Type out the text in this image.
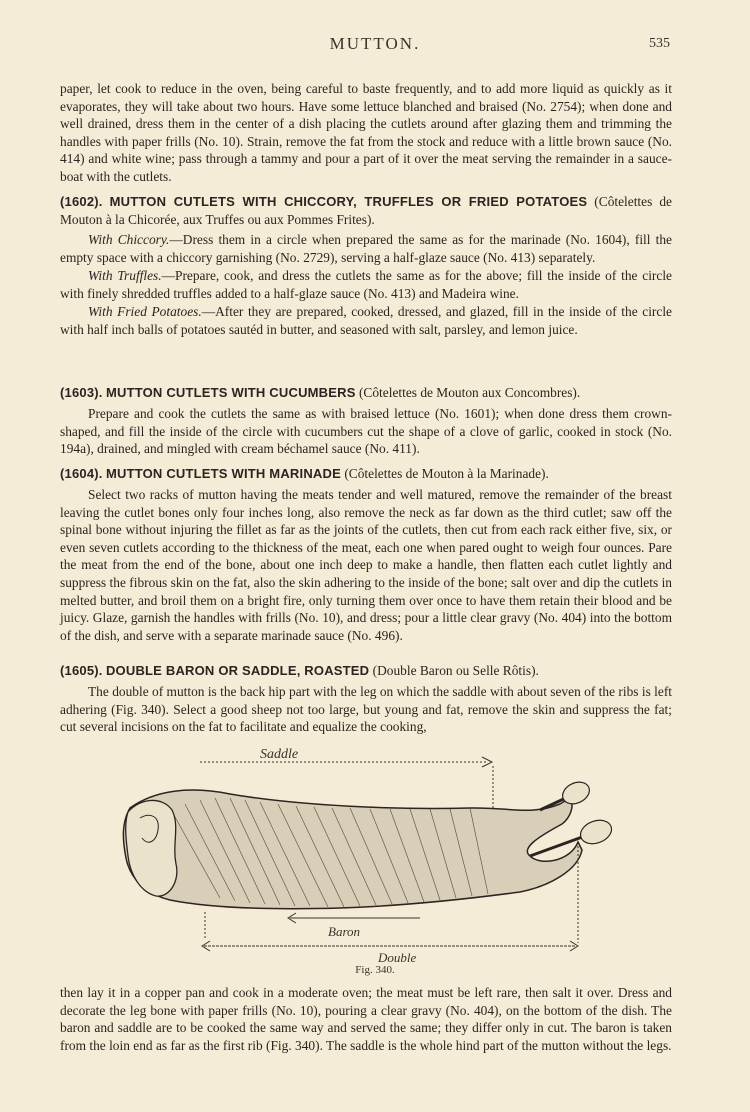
MUTTON.	535

paper, let cook to reduce in the oven, being careful to baste frequently, and to add more liquid as quickly as it evaporates, they will take about two hours. Have some lettuce blanched and braised (No. 2754); when done and well drained, dress them in the center of a dish placing the cutlets around after glazing them and trimming the handles with paper frills (No. 10). Strain, remove the fat from the stock and reduce with a little brown sauce (No. 414) and white wine; pass through a tammy and pour a part of it over the meat serving the remainder in a sauce-boat with the cutlets.

(1602). MUTTON CUTLETS WITH CHICCORY, TRUFFLES OR FRIED POTATOES (Côtelettes de Mouton à la Chicorée, aux Truffes ou aux Pommes Frites).

With Chiccory.—Dress them in a circle when prepared the same as for the marinade (No. 1604), fill the empty space with a chiccory garnishing (No. 2729), serving a half-glaze sauce (No. 413) separately.

With Truffles.—Prepare, cook, and dress the cutlets the same as for the above; fill the inside of the circle with finely shredded truffles added to a half-glaze sauce (No. 413) and Madeira wine.

With Fried Potatoes.—After they are prepared, cooked, dressed, and glazed, fill in the inside of the circle with half inch balls of potatoes sautéd in butter, and seasoned with salt, parsley, and lemon juice.

(1603). MUTTON CUTLETS WITH CUCUMBERS (Côtelettes de Mouton aux Concombres).

Prepare and cook the cutlets the same as with braised lettuce (No. 1601); when done dress them crown-shaped, and fill the inside of the circle with cucumbers cut the shape of a clove of garlic, cooked in stock (No. 194a), drained, and mingled with cream béchamel sauce (No. 411).

(1604). MUTTON CUTLETS WITH MARINADE (Côtelettes de Mouton à la Marinade).

Select two racks of mutton having the meats tender and well matured, remove the remainder of the breast leaving the cutlet bones only four inches long, also remove the neck as far down as the third cutlet; saw off the spinal bone without injuring the fillet as far as the joints of the cutlets, then cut from each rack either five, six, or even seven cutlets according to the thickness of the meat, each one when pared ought to weigh four ounces. Pare the meat from the end of the bone, about one inch deep to make a handle, then flatten each cutlet lightly and suppress the fibrous skin on the fat, also the skin adhering to the inside of the bone; salt over and dip the cutlets in melted butter, and broil them on a bright fire, only turning them over once to have them retain their blood and be juicy. Glaze, garnish the handles with frills (No. 10), and dress; pour a little clear gravy (No. 404) into the bottom of the dish, and serve with a separate marinade sauce (No. 496).

(1605). DOUBLE BARON OR SADDLE, ROASTED (Double Baron ou Selle Rôtis).

The double of mutton is the back hip part with the leg on which the saddle with about seven of the ribs is left adhering (Fig. 340). Select a good sheep not too large, but young and fat, remove the skin and suppress the fat; cut several incisions on the fat to facilitate and equalize the cooking,

Saddle
Baron
Double
Fig. 340.

then lay it in a copper pan and cook in a moderate oven; the meat must be left rare, then salt it over. Dress and decorate the leg bone with paper frills (No. 10), pouring a clear gravy (No. 404), on the bottom of the dish. The baron and saddle are to be cooked the same way and served the same; they differ only in cut. The baron is taken from the loin end as far as the first rib (Fig. 340). The saddle is the whole hind part of the mutton without the legs.
